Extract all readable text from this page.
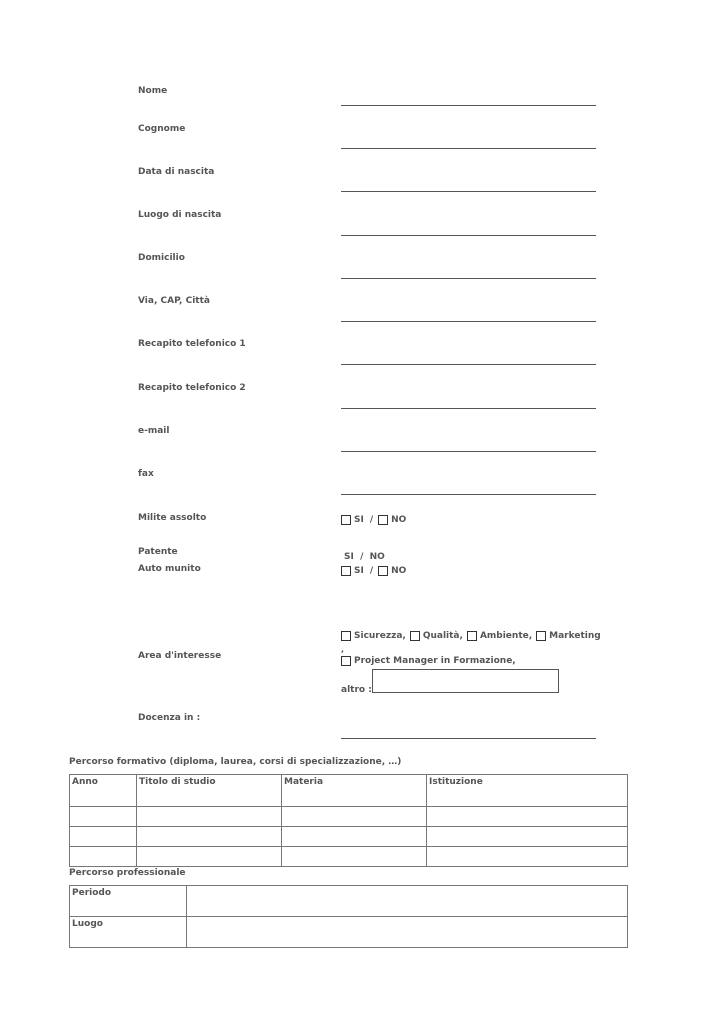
Nome
Cognome
Data di nascita
Luogo di nascita
Domicilio
Via, CAP, Città
Recapito telefonico 1
Recapito telefonico 2
e-mail
fax
Milite assolto	SI / NO
Patente	SI  /  NO
Auto munito	SI / NO
Area d'interesse
Sicurezza, Qualità, Ambiente, Marketing
,
Project Manager in Formazione,
altro :
Docenza in :
Percorso formativo (diploma, laurea, corsi di specializzazione, …)
Anno	Titolo di studio	Materia	Istituzione

Percorso professionale
Periodo	
Luogo	
